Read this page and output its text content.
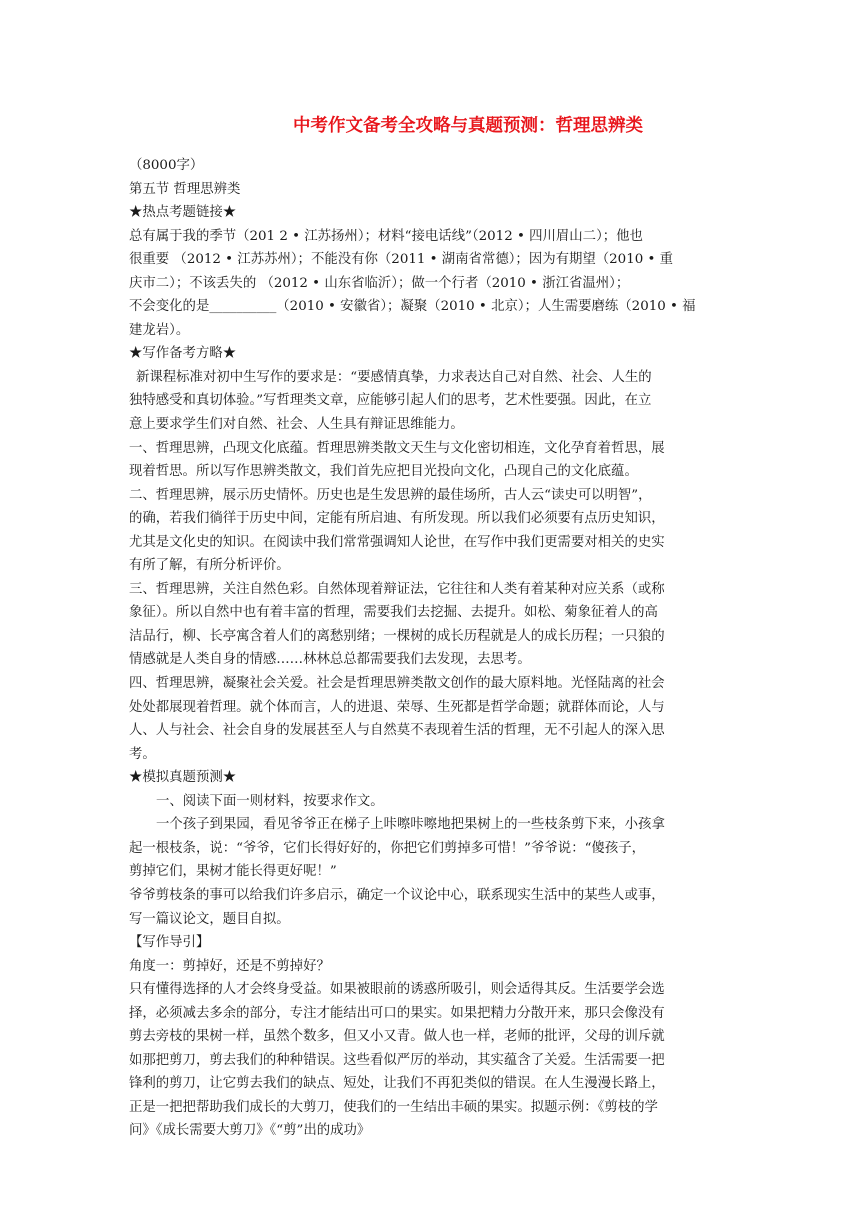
中考作文备考全攻略与真题预测：哲理思辨类
（8000字）
第五节 哲理思辨类
★热点考题链接★
总有属于我的季节（201 2 • 江苏扬州）；材料“接电话线”（2012 • 四川眉山二）；他也
很重要 （2012 • 江苏苏州）；不能没有你（2011 • 湖南省常德）；因为有期望（2010 • 重
庆市二）；不该丢失的 （2012 • 山东省临沂）；做一个行者（2010 • 浙江省温州）；
不会变化的是__________（2010 • 安徽省）；凝聚（2010 • 北京）；人生需要磨练（2010 • 福
建龙岩）。
★写作备考方略★
新课程标准对初中生写作的要求是：“要感情真挚，力求表达自己对自然、社会、人生的
独特感受和真切体验。”写哲理类文章，应能够引起人们的思考，艺术性要强。因此，在立
意上要求学生们对自然、社会、人生具有辩证思维能力。
一、哲理思辨，凸现文化底蕴。哲理思辨类散文天生与文化密切相连，文化孕育着哲思，展
现着哲思。所以写作思辨类散文，我们首先应把目光投向文化，凸现自己的文化底蕴。
二、哲理思辨，展示历史情怀。历史也是生发思辨的最佳场所，古人云“读史可以明智”，
的确，若我们徜徉于历史中间，定能有所启迪、有所发现。所以我们必须要有点历史知识，
尤其是文化史的知识。在阅读中我们常常强调知人论世，在写作中我们更需要对相关的史实
有所了解，有所分析评价。
三、哲理思辨，关注自然色彩。自然体现着辩证法，它往往和人类有着某种对应关系（或称
象征）。所以自然中也有着丰富的哲理，需要我们去挖掘、去提升。如松、菊象征着人的高
洁品行，柳、长亭寓含着人们的离愁别绪；一棵树的成长历程就是人的成长历程；一只狼的
情感就是人类自身的情感……林林总总都需要我们去发现，去思考。
四、哲理思辨，凝聚社会关爱。社会是哲理思辨类散文创作的最大原料地。光怪陆离的社会
处处都展现着哲理。就个体而言，人的进退、荣辱、生死都是哲学命题；就群体而论，人与
人、人与社会、社会自身的发展甚至人与自然莫不表现着生活的哲理，无不引起人的深入思
考。
★模拟真题预测★
一、阅读下面一则材料，按要求作文。
一个孩子到果园，看见爷爷正在梯子上咔嚓咔嚓地把果树上的一些枝条剪下来，小孩拿
起一根枝条，说：“爷爷，它们长得好好的，你把它们剪掉多可惜！”爷爷说：“傻孩子，
剪掉它们，果树才能长得更好呢！”
爷爷剪枝条的事可以给我们许多启示，确定一个议论中心，联系现实生活中的某些人或事，
写一篇议论文，题目自拟。
【写作导引】
角度一：剪掉好，还是不剪掉好？
只有懂得选择的人才会终身受益。如果被眼前的诱惑所吸引，则会适得其反。生活要学会选
择，必须减去多余的部分，专注才能结出可口的果实。如果把精力分散开来，那只会像没有
剪去旁枝的果树一样，虽然个数多，但又小又青。做人也一样，老师的批评，父母的训斥就
如那把剪刀，剪去我们的种种错误。这些看似严厉的举动，其实蕴含了关爱。生活需要一把
锋利的剪刀，让它剪去我们的缺点、短处，让我们不再犯类似的错误。在人生漫漫长路上，
正是一把把帮助我们成长的大剪刀，使我们的一生结出丰硕的果实。拟题示例：《剪枝的学
问》《成长需要大剪刀》《“剪”出的成功》
